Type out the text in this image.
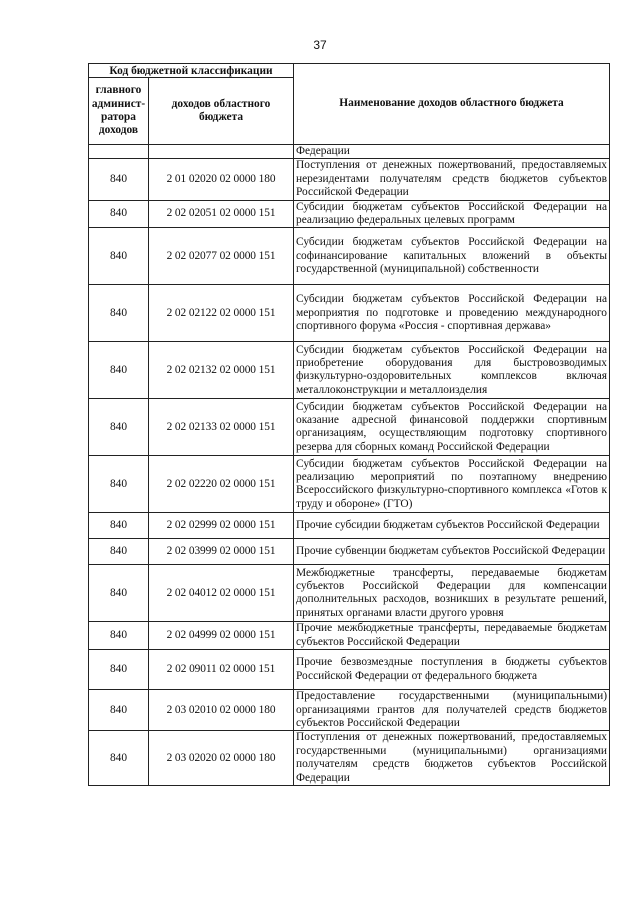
37
Код бюджетной классификации		Наименование доходов областного бюджета
главного админист-ратора доходов	доходов областного бюджета	
		Федерации
840	2 01 02020 02 0000 180	Поступления от денежных пожертвований, предоставляемых нерезидентами получателям средств бюджетов субъектов Российской Федерации
840	2 02 02051 02 0000 151	Субсидии бюджетам субъектов Российской Федерации на реализацию федеральных целевых программ
840	2 02 02077 02 0000 151	Субсидии бюджетам субъектов Российской Федерации на софинансирование капитальных вложений в объекты государственной (муниципальной) собственности
840	2 02 02122 02 0000 151	Субсидии бюджетам субъектов Российской Федерации на мероприятия по подготовке и проведению международного спортивного форума «Россия - спортивная держава»
840	2 02 02132 02 0000 151	Субсидии бюджетам субъектов Российской Федерации на приобретение оборудования для быстровозводимых физкультурно-оздоровительных комплексов включая металлоконструкции и металлоизделия
840	2 02 02133 02 0000 151	Субсидии бюджетам субъектов Российской Федерации на оказание адресной финансовой поддержки спортивным организациям, осуществляющим подготовку спортивного резерва для сборных команд Российской Федерации
840	2 02 02220 02 0000 151	Субсидии бюджетам субъектов Российской Федерации на реализацию мероприятий по поэтапному внедрению Всероссийского физкультурно-спортивного комплекса «Готов к труду и обороне» (ГТО)
840	2 02 02999 02 0000 151	Прочие субсидии бюджетам субъектов Российской Федерации
840	2 02 03999 02 0000 151	Прочие субвенции бюджетам субъектов Российской Федерации
840	2 02 04012 02 0000 151	Межбюджетные трансферты, передаваемые бюджетам субъектов Российской Федерации для компенсации дополнительных расходов, возникших в результате решений, принятых органами власти другого уровня
840	2 02 04999 02 0000 151	Прочие межбюджетные трансферты, передаваемые бюджетам субъектов Российской Федерации
840	2 02 09011 02 0000 151	Прочие безвозмездные поступления в бюджеты субъектов Российской Федерации от федерального бюджета
840	2 03 02010 02 0000 180	Предоставление государственными (муниципальными) организациями грантов для получателей средств бюджетов субъектов Российской Федерации
840	2 03 02020 02 0000 180	Поступления от денежных пожертвований, предоставляемых государственными (муниципальными) организациями получателям средств бюджетов субъектов Российской Федерации
